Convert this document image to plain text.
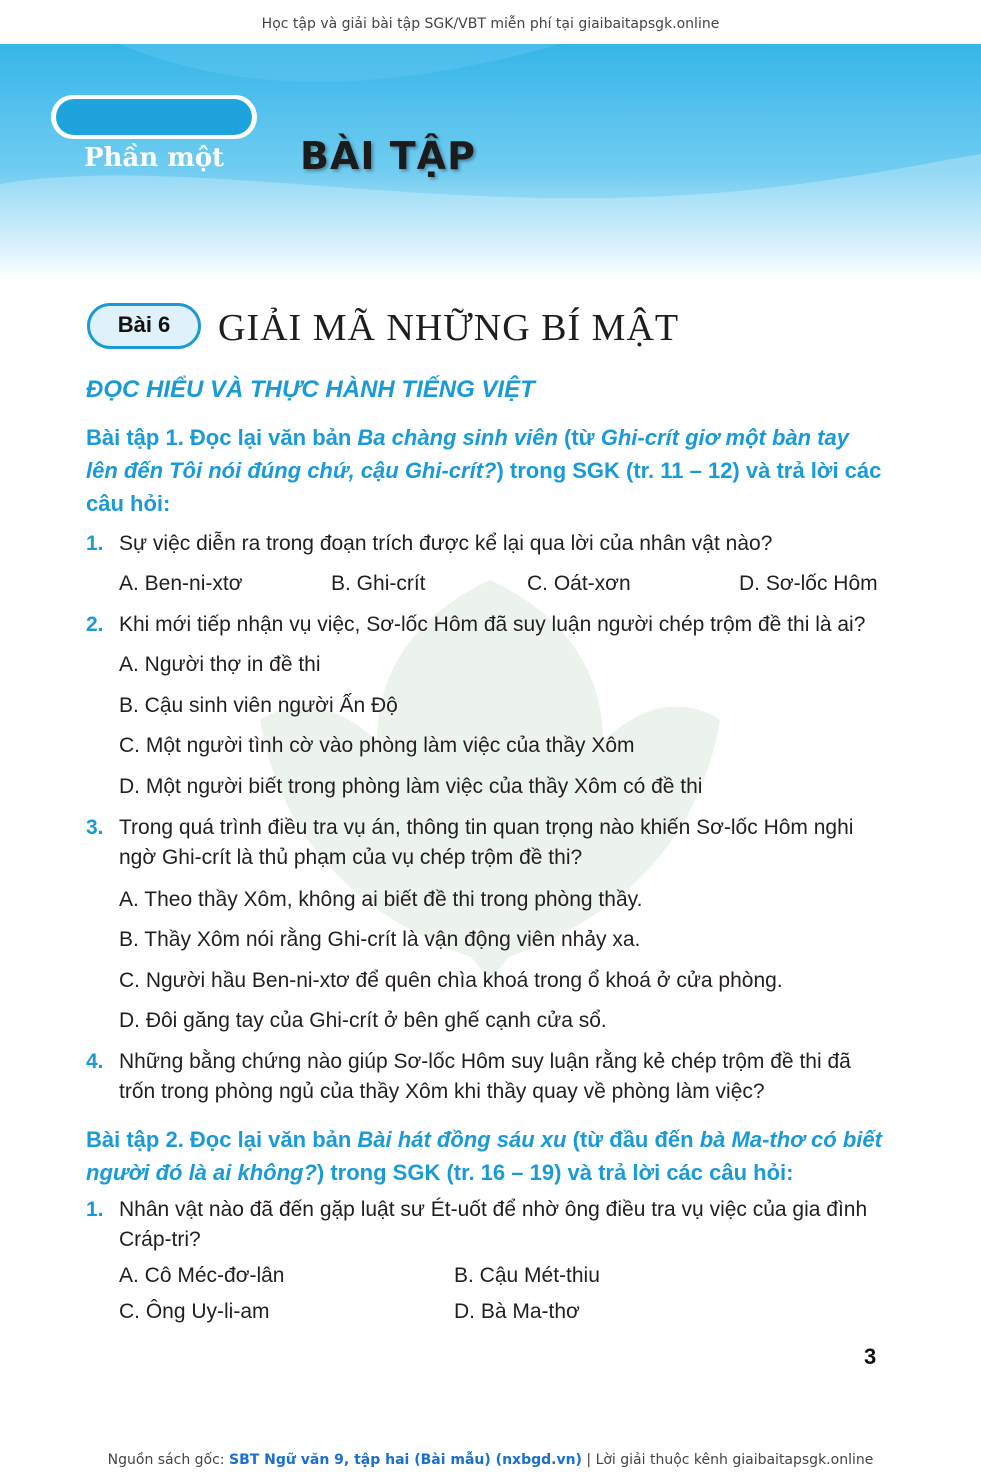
Học tập và giải bài tập SGK/VBT miễn phí tại giaibaitapsgk.online
Phần một	BÀI TẬP
Bài 6	GIẢI MÃ NHỮNG BÍ MẬT
ĐỌC HIỂU VÀ THỰC HÀNH TIẾNG VIỆT
Bài tập 1. Đọc lại văn bản Ba chàng sinh viên (từ Ghi-crít giơ một bàn tay lên đến Tôi nói đúng chứ, cậu Ghi-crít?) trong SGK (tr. 11 – 12) và trả lời các câu hỏi:
1. Sự việc diễn ra trong đoạn trích được kể lại qua lời của nhân vật nào?
A. Ben-ni-xtơ	B. Ghi-crít	C. Oát-xơn	D. Sơ-lốc Hôm
2. Khi mới tiếp nhận vụ việc, Sơ-lốc Hôm đã suy luận người chép trộm đề thi là ai?
A. Người thợ in đề thi
B. Cậu sinh viên người Ấn Độ
C. Một người tình cờ vào phòng làm việc của thầy Xôm
D. Một người biết trong phòng làm việc của thầy Xôm có đề thi
3. Trong quá trình điều tra vụ án, thông tin quan trọng nào khiến Sơ-lốc Hôm nghi ngờ Ghi-crít là thủ phạm của vụ chép trộm đề thi?
A. Theo thầy Xôm, không ai biết đề thi trong phòng thầy.
B. Thầy Xôm nói rằng Ghi-crít là vận động viên nhảy xa.
C. Người hầu Ben-ni-xtơ để quên chìa khoá trong ổ khoá ở cửa phòng.
D. Đôi găng tay của Ghi-crít ở bên ghế cạnh cửa sổ.
4. Những bằng chứng nào giúp Sơ-lốc Hôm suy luận rằng kẻ chép trộm đề thi đã trốn trong phòng ngủ của thầy Xôm khi thầy quay về phòng làm việc?
Bài tập 2. Đọc lại văn bản Bài hát đồng sáu xu (từ đầu đến bà Ma-thơ có biết người đó là ai không?) trong SGK (tr. 16 – 19) và trả lời các câu hỏi:
1. Nhân vật nào đã đến gặp luật sư Ét-uốt để nhờ ông điều tra vụ việc của gia đình Cráp-tri?
A. Cô Méc-đơ-lân	B. Cậu Mét-thiu
C. Ông Uy-li-am	D. Bà Ma-thơ
3
Nguồn sách gốc: SBT Ngữ văn 9, tập hai (Bài mẫu) (nxbgd.vn) | Lời giải thuộc kênh giaibaitapsgk.online
